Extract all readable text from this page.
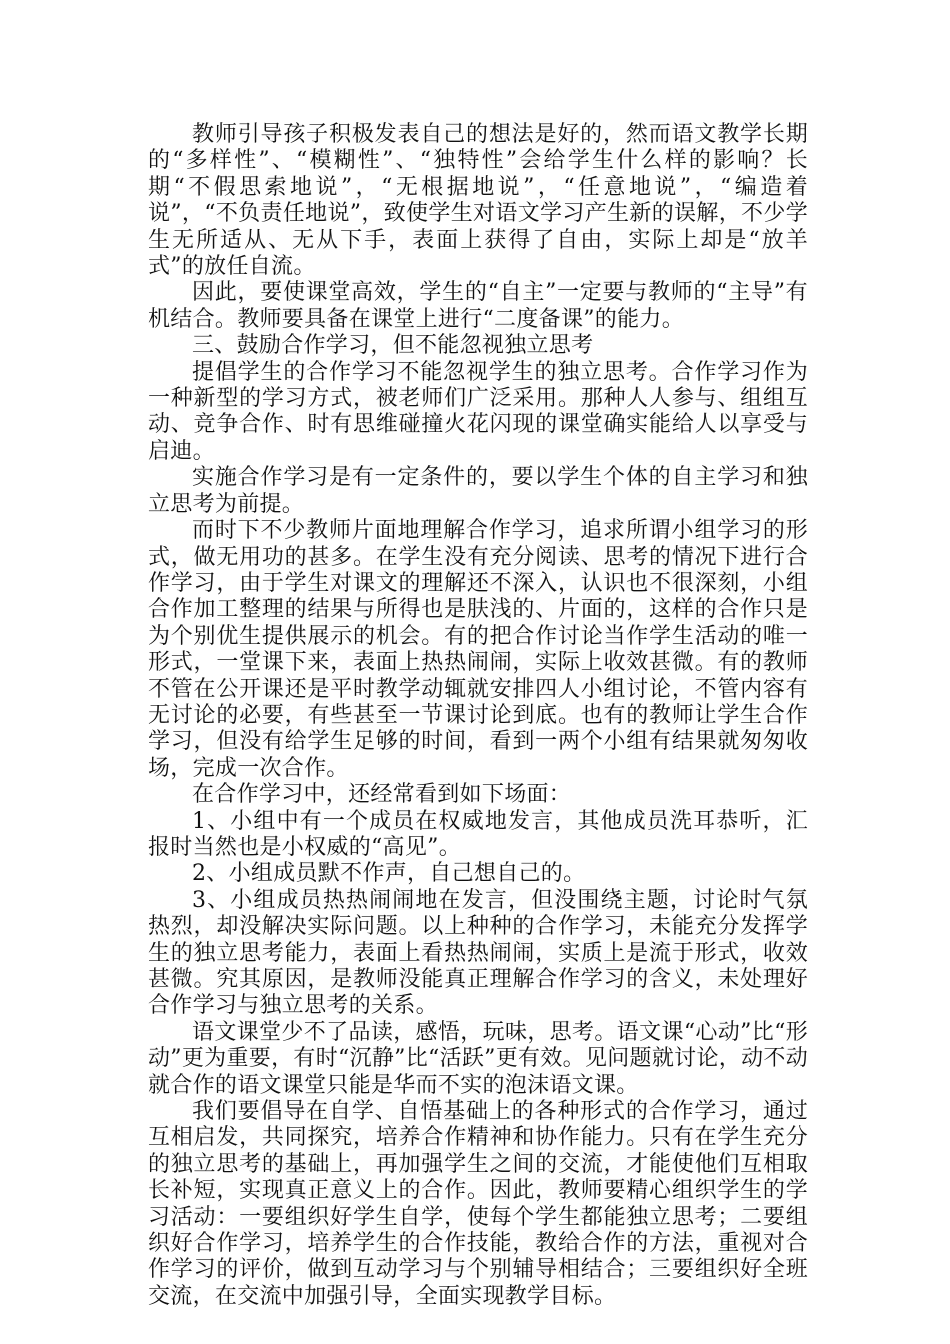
教师引导孩子积极发表自己的想法是好的，然而语文教学长期的“多样性”、“模糊性”、“独特性”会给学生什么样的影响？长期“不假思索地说”，“无根据地说”，“任意地说”，“编造着说”，“不负责任地说”，致使学生对语文学习产生新的误解，不少学生无所适从、无从下手，表面上获得了自由，实际上却是“放羊式”的放任自流。

因此，要使课堂高效，学生的“自主”一定要与教师的“主导”有机结合。教师要具备在课堂上进行“二度备课”的能力。

三、鼓励合作学习，但不能忽视独立思考

提倡学生的合作学习不能忽视学生的独立思考。合作学习作为一种新型的学习方式，被老师们广泛采用。那种人人参与、组组互动、竞争合作、时有思维碰撞火花闪现的课堂确实能给人以享受与启迪。

实施合作学习是有一定条件的，要以学生个体的自主学习和独立思考为前提。

而时下不少教师片面地理解合作学习，追求所谓小组学习的形式，做无用功的甚多。在学生没有充分阅读、思考的情况下进行合作学习，由于学生对课文的理解还不深入，认识也不很深刻，小组合作加工整理的结果与所得也是肤浅的、片面的，这样的合作只是为个别优生提供展示的机会。有的把合作讨论当作学生活动的唯一形式，一堂课下来，表面上热热闹闹，实际上收效甚微。有的教师不管在公开课还是平时教学动辄就安排四人小组讨论，不管内容有无讨论的必要，有些甚至一节课讨论到底。也有的教师让学生合作学习，但没有给学生足够的时间，看到一两个小组有结果就匆匆收场，完成一次合作。

在合作学习中，还经常看到如下场面：

1、小组中有一个成员在权威地发言，其他成员洗耳恭听，汇报时当然也是小权威的“高见”。

2、小组成员默不作声，自己想自己的。

3、小组成员热热闹闹地在发言，但没围绕主题，讨论时气氛热烈，却没解决实际问题。以上种种的合作学习，未能充分发挥学生的独立思考能力，表面上看热热闹闹，实质上是流于形式，收效甚微。究其原因，是教师没能真正理解合作学习的含义，未处理好合作学习与独立思考的关系。

语文课堂少不了品读，感悟，玩味，思考。语文课“心动”比“形动”更为重要，有时“沉静”比“活跃”更有效。见问题就讨论，动不动就合作的语文课堂只能是华而不实的泡沫语文课。

我们要倡导在自学、自悟基础上的各种形式的合作学习，通过互相启发，共同探究，培养合作精神和协作能力。只有在学生充分的独立思考的基础上，再加强学生之间的交流，才能使他们互相取长补短，实现真正意义上的合作。因此，教师要精心组织学生的学习活动：一要组织好学生自学，使每个学生都能独立思考；二要组织好合作学习，培养学生的合作技能，教给合作的方法，重视对合作学习的评价，做到互动学习与个别辅导相结合；三要组织好全班交流，在交流中加强引导，全面实现教学目标。
